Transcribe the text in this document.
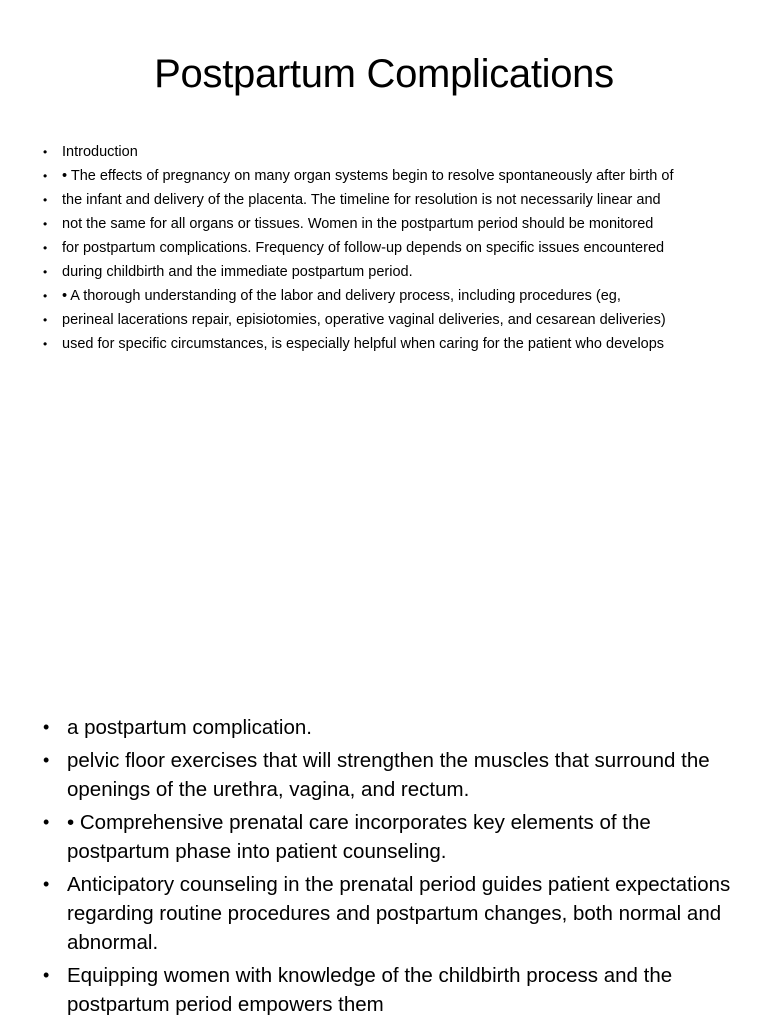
Postpartum Complications
• Introduction
• • The effects of pregnancy on many organ systems begin to resolve spontaneously after birth of
• the infant and delivery of the placenta. The timeline for resolution is not necessarily linear and
• not the same for all organs or tissues. Women in the postpartum period should be monitored
• for postpartum complications. Frequency of follow-up depends on specific issues encountered
• during childbirth and the immediate postpartum period.
• • A thorough understanding of the labor and delivery process, including procedures (eg,
• perineal lacerations repair, episiotomies, operative vaginal deliveries, and cesarean deliveries)
• used for specific circumstances, is especially helpful when caring for the patient who develops
• a postpartum complication.
• pelvic floor exercises that will strengthen the muscles that surround the openings of the urethra, vagina, and rectum.
• • Comprehensive prenatal care incorporates key elements of the postpartum phase into patient counseling.
• Anticipatory counseling in the prenatal period guides patient expectations regarding routine procedures and postpartum changes, both normal and abnormal.
• Equipping women with knowledge of the childbirth process and the postpartum period empowers them
